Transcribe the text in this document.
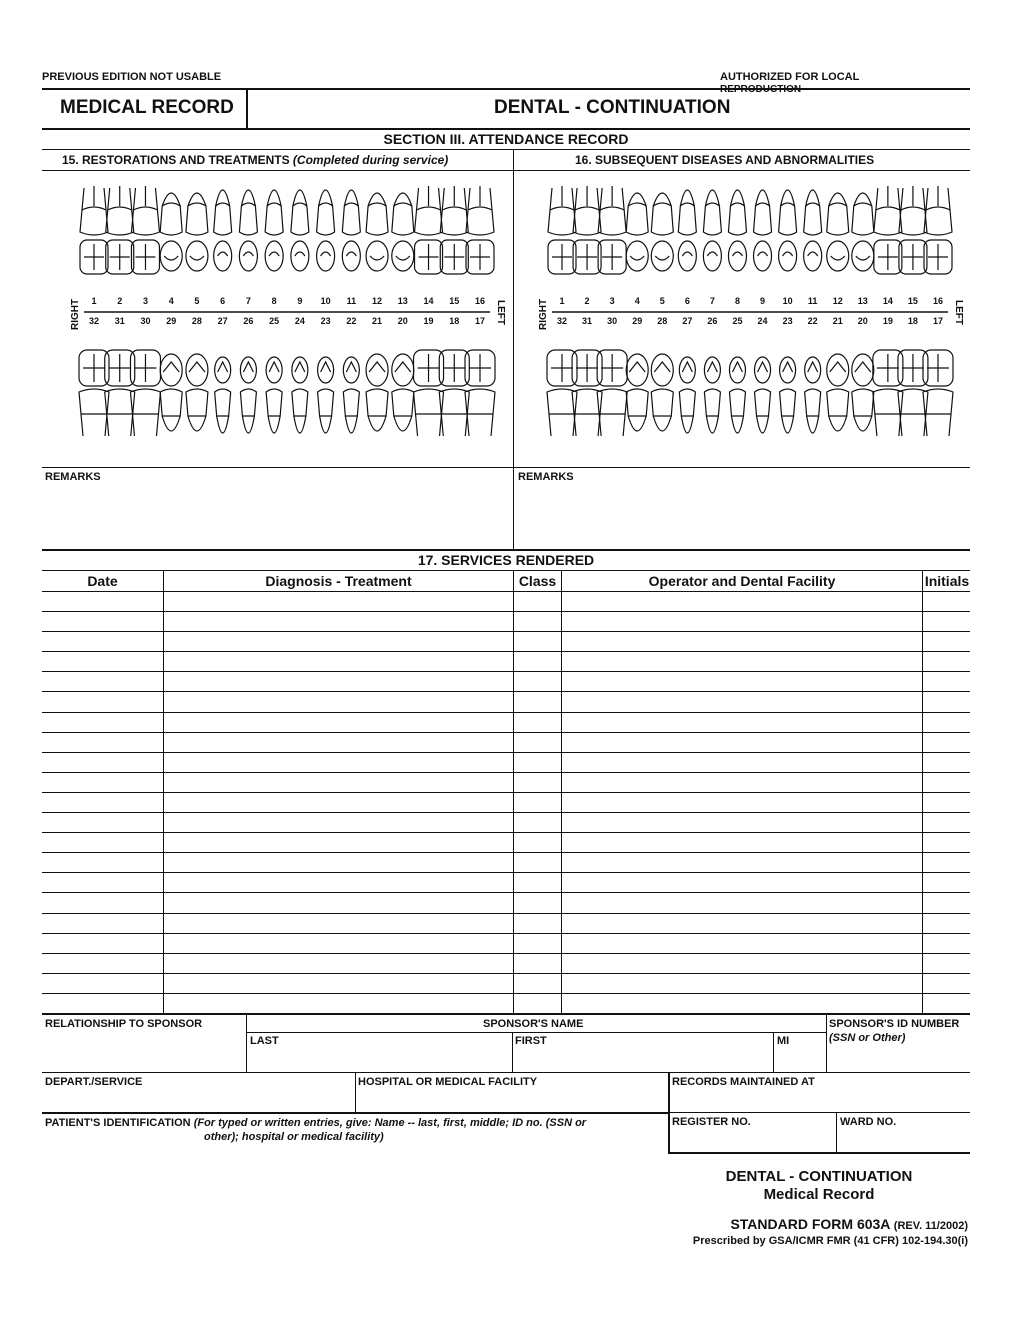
PREVIOUS EDITION NOT USABLE	AUTHORIZED FOR LOCAL
MEDICAL RECORD	DENTAL - CONTINUATION
SECTION III. ATTENDANCE RECORD
15. RESTORATIONS AND TREATMENTS (Completed during service)	16. SUBSEQUENT DISEASES AND ABNORMALITIES
1
32
2
31
3
30
4
29
5
28
6
27
7
26
8
25
9
24
10
23
11
22
12
21
13
20
14
19
15
18
16
17
RIGHT	LEFT	1
32
2
31
3
30
4
29
5
28
6
27
7
26
8
25
9
24
10
23
11
22
12
21
13
20
14
19
15
18
16
17
RIGHT	LEFT
REMARKS	REMARKS
17. SERVICES RENDERED
Date	Diagnosis - Treatment	Class	Operator and Dental Facility	Initials
RELATIONSHIP TO SPONSOR	SPONSOR'S NAME
LAST	FIRST	MI
SPONSOR'S ID NUMBER
(SSN or Other)
DEPART./SERVICE	HOSPITAL OR MEDICAL FACILITY	RECORDS MAINTAINED AT
PATIENT'S IDENTIFICATION (For typed or written entries, give: Name -- last, first, middle; ID no. (SSN or
other); hospital or medical facility)
REGISTER NO.	WARD NO.
DENTAL - CONTINUATION
Medical Record
STANDARD FORM 603A (REV. 11/2002)
Prescribed by GSA/ICMR FMR (41 CFR) 102-194.30(i)
